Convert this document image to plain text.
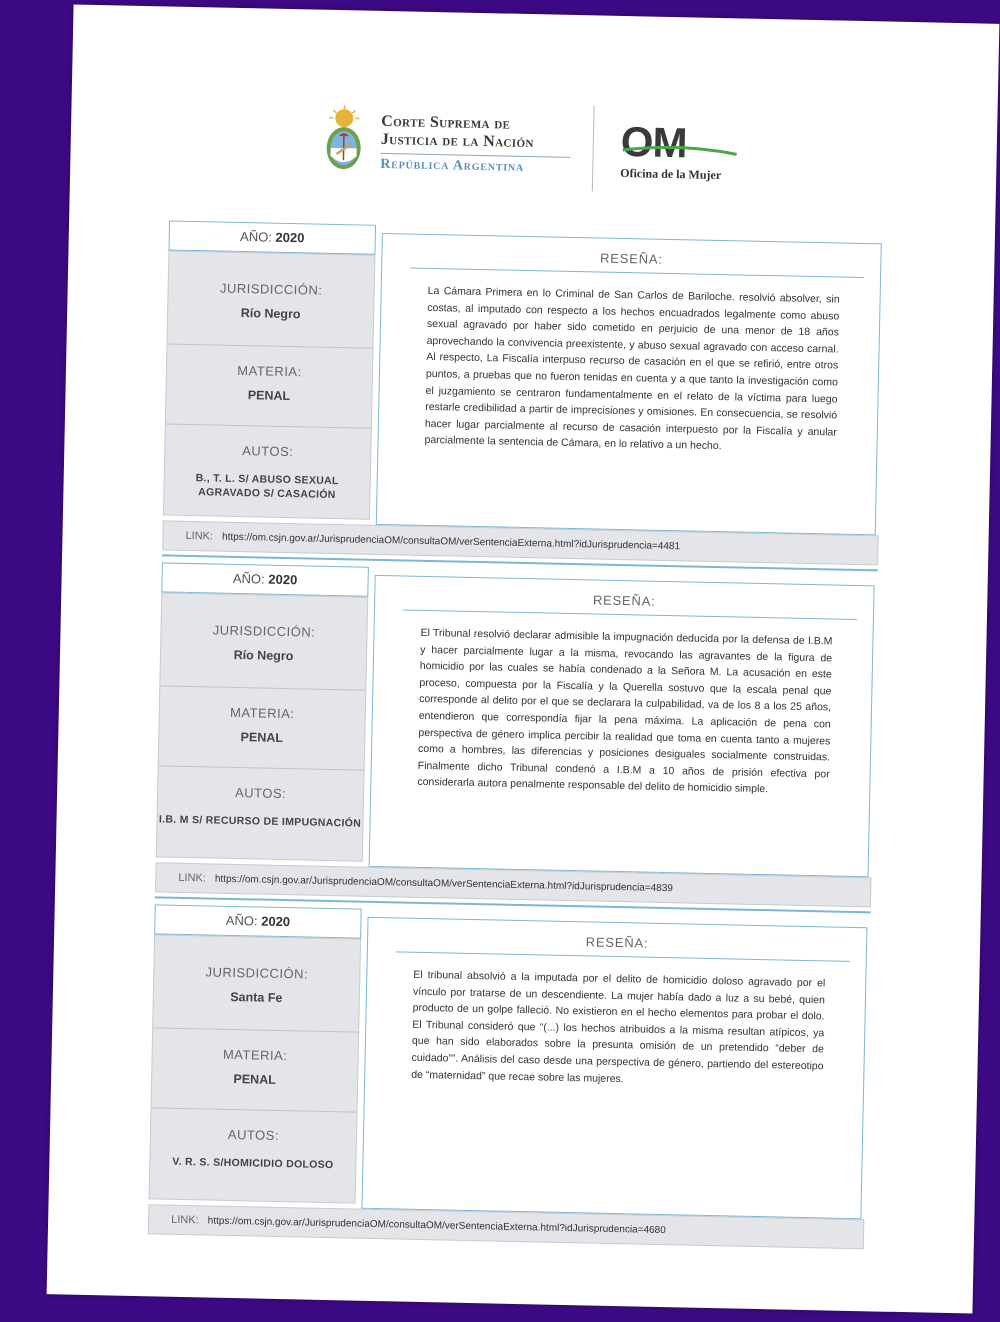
Corte Suprema de
Justicia de la Nación
República Argentina	OM
Oficina de la Mujer
AÑO: 2020
JURISDICCIÓN:
Río Negro
MATERIA:
PENAL
AUTOS:
B., T. L. S/ ABUSO SEXUAL AGRAVADO S/ CASACIÓN
RESEÑA:
La Cámara Primera en lo Criminal de San Carlos de Bariloche. resolvió absolver, sin costas, al imputado con respecto a los hechos encuadrados legalmente como abuso sexual agravado por haber sido cometido en perjuicio de una menor de 18 años aprovechando la convivencia preexistente, y abuso sexual agravado con acceso carnal. Al respecto, La Fiscalía interpuso recurso de casación en el que se refirió, entre otros puntos, a pruebas que no fueron tenidas en cuenta y a que tanto la investigación como el juzgamiento se centraron fundamentalmente en el relato de la víctima para luego restarle credibilidad a partir de imprecisiones y omisiones. En consecuencia, se resolvió hacer lugar parcialmente al recurso de casación interpuesto por la Fiscalía y anular parcialmente la sentencia de Cámara, en lo relativo a un hecho.
LINK: https://om.csjn.gov.ar/JurisprudenciaOM/consultaOM/verSentenciaExterna.html?idJurisprudencia=4481
AÑO: 2020
JURISDICCIÓN:
Río Negro
MATERIA:
PENAL
AUTOS:
I.B. M S/ RECURSO DE IMPUGNACIÓN
RESEÑA:
El Tribunal resolvió declarar admisible la impugnación deducida por la defensa de I.B.M y hacer parcialmente lugar a la misma, revocando las agravantes de la figura de homicidio por las cuales se había condenado a la Señora M. La acusación en este proceso, compuesta por la Fiscalía y la Querella sostuvo que la escala penal que corresponde al delito por el que se declarara la culpabilidad, va de los 8 a los 25 años, entendieron que correspondía fijar la pena máxima. La aplicación de pena con perspectiva de género implica percibir la realidad que toma en cuenta tanto a mujeres como a hombres, las diferencias y posiciones desiguales socialmente construidas. Finalmente dicho Tribunal condenó a I.B.M a 10 años de prisión efectiva por considerarla autora penalmente responsable del delito de homicidio simple.
LINK: https://om.csjn.gov.ar/JurisprudenciaOM/consultaOM/verSentenciaExterna.html?idJurisprudencia=4839
AÑO: 2020
JURISDICCIÓN:
Santa Fe
MATERIA:
PENAL
AUTOS:
V. R. S. S/HOMICIDIO DOLOSO
RESEÑA:
El tribunal absolvió a la imputada por el delito de homicidio doloso agravado por el vínculo por tratarse de un descendiente. La mujer había dado a luz a su bebé, quien producto de un golpe falleció. No existieron en el hecho elementos para probar el dolo. El Tribunal consideró que “(...) los hechos atribuidos a la misma resultan atípicos, ya que han sido elaborados sobre la presunta omisión de un pretendido “deber de cuidado””. Análisis del caso desde una perspectiva de género, partiendo del estereotipo de “maternidad” que recae sobre las mujeres.
LINK: https://om.csjn.gov.ar/JurisprudenciaOM/consultaOM/verSentenciaExterna.html?idJurisprudencia=4680
